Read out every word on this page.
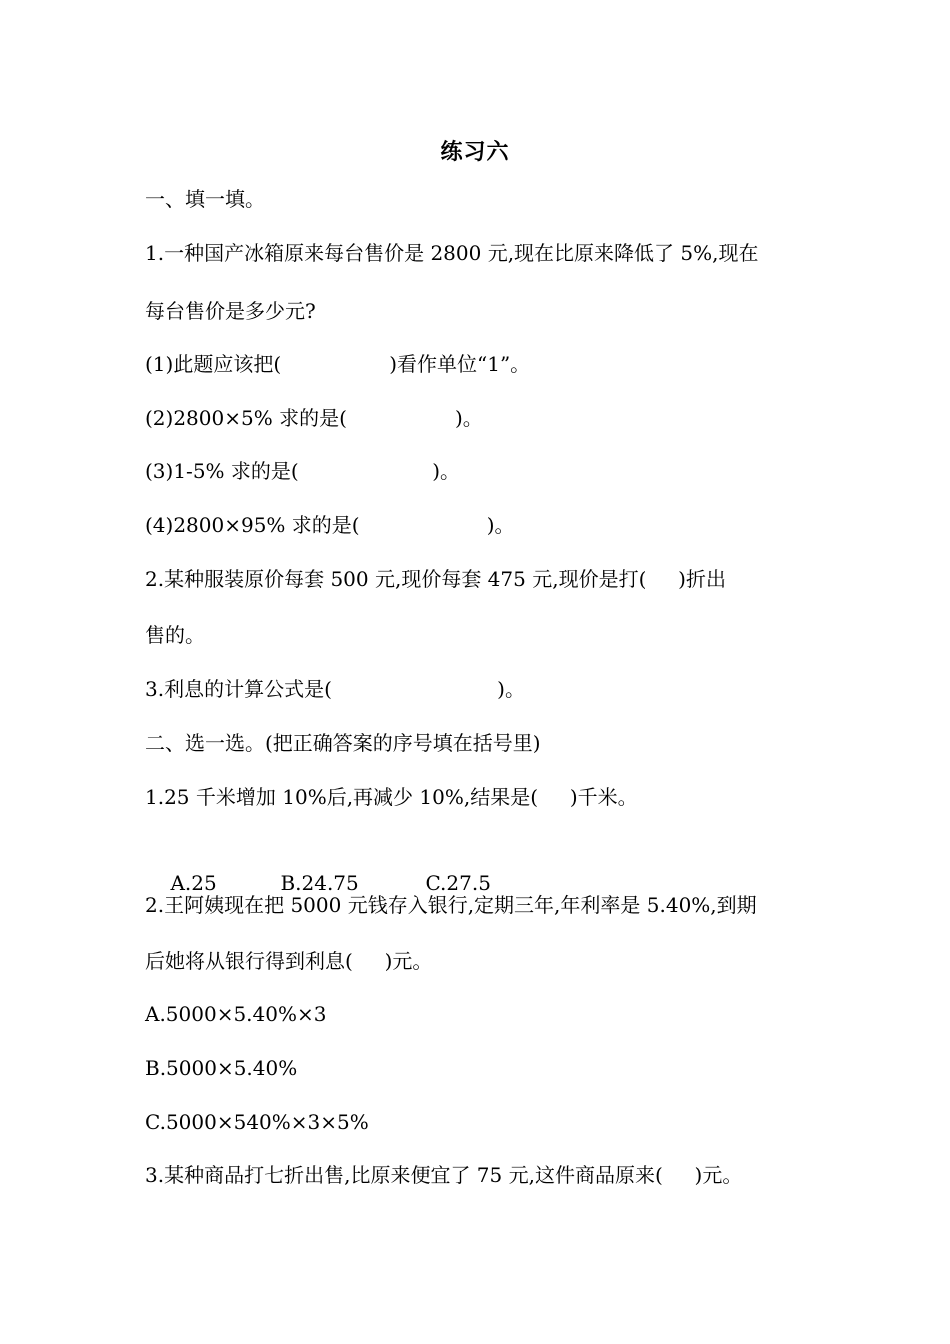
练习六
一、填一填。
1.一种国产冰箱原来每台售价是 2800 元,现在比原来降低了 5%,现在
每台售价是多少元?
(1)此题应该把(                 )看作单位“1”。
(2)2800×5% 求的是(                 )。
(3)1-5% 求的是(                     )。
(4)2800×95% 求的是(                    )。
2.某种服装原价每套 500 元,现价每套 475 元,现价是打(     )折出
售的。
3.利息的计算公式是(                          )。
二、选一选。(把正确答案的序号填在括号里)
1.25 千米增加 10%后,再减少 10%,结果是(     )千米。

A.25	B.24.75	C.27.5

2.王阿姨现在把 5000 元钱存入银行,定期三年,年利率是 5.40%,到期
后她将从银行得到利息(     )元。
A.5000×5.40%×3
B.5000×5.40%
C.5000×540%×3×5%
3.某种商品打七折出售,比原来便宜了 75 元,这件商品原来(     )元。
